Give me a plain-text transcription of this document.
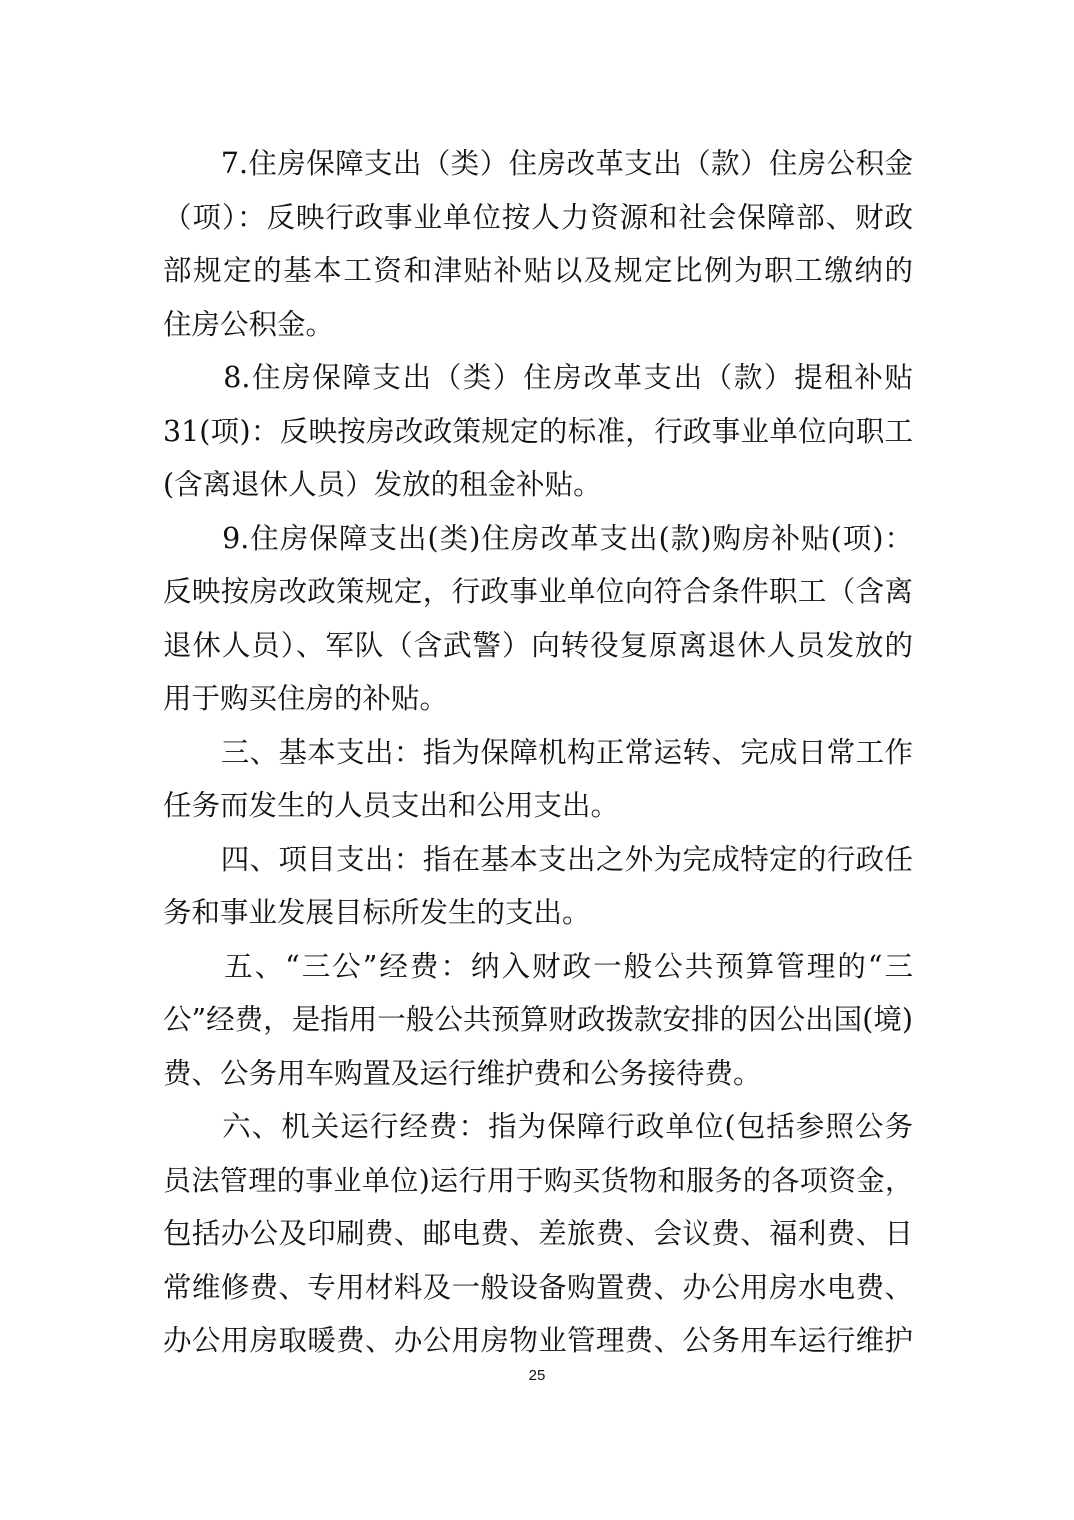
　　7.住房保障支出（类）住房改革支出（款）住房公积金
（项）：反映行政事业单位按人力资源和社会保障部、财政
部规定的基本工资和津贴补贴以及规定比例为职工缴纳的
住房公积金。
　　8.住房保障支出（类）住房改革支出（款）提租补贴
31(项)：反映按房改政策规定的标准，行政事业单位向职工
(含离退休人员）发放的租金补贴。
　　9.住房保障支出(类)住房改革支出(款)购房补贴(项)：
反映按房改政策规定，行政事业单位向符合条件职工（含离
退休人员）、军队（含武警）向转役复原离退休人员发放的
用于购买住房的补贴。
　　三、基本支出：指为保障机构正常运转、完成日常工作
任务而发生的人员支出和公用支出。
　　四、项目支出：指在基本支出之外为完成特定的行政任
务和事业发展目标所发生的支出。
　　五、“三公”经费：纳入财政一般公共预算管理的“三
公”经费，是指用一般公共预算财政拨款安排的因公出国(境)
费、公务用车购置及运行维护费和公务接待费。
　　六、机关运行经费：指为保障行政单位(包括参照公务
员法管理的事业单位)运行用于购买货物和服务的各项资金，
包括办公及印刷费、邮电费、差旅费、会议费、福利费、日
常维修费、专用材料及一般设备购置费、办公用房水电费、
办公用房取暖费、办公用房物业管理费、公务用车运行维护
25
